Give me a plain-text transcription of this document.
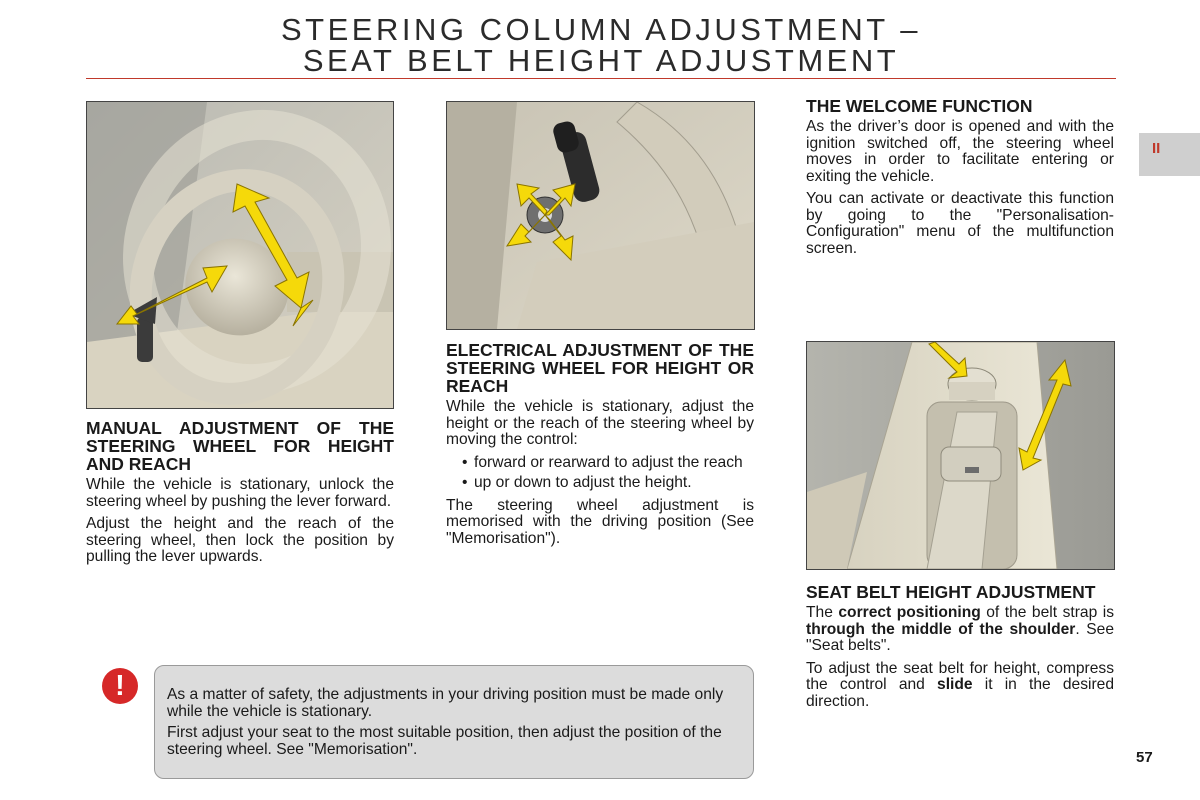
STEERING COLUMN ADJUSTMENT –
SEAT BELT HEIGHT ADJUSTMENT
II
MANUAL ADJUSTMENT OF THE STEERING WHEEL FOR HEIGHT AND REACH

While the vehicle is stationary, unlock the steering wheel by pushing the lever forward.

Adjust the height and the reach of the steering wheel, then lock the position by pulling the lever upwards.

ELECTRICAL ADJUSTMENT OF THE STEERING WHEEL FOR HEIGHT OR REACH

While the vehicle is stationary, adjust the height or the reach of the steering wheel by moving the control:

• forward or rearward to adjust the reach
• up or down to adjust the height.

The steering wheel adjustment is memorised with the driving position (See "Memorisation").

THE WELCOME FUNCTION

As the driver’s door is opened and with the ignition switched off, the steering wheel moves in order to facilitate entering or exiting the vehicle.

You can activate or deactivate this function by going to the "Personalisation-Configuration" menu of the multifunction screen.

SEAT BELT HEIGHT ADJUSTMENT

The correct positioning of the belt strap is through the middle of the shoulder. See "Seat belts".

To adjust the seat belt for height, compress the control and slide it in the desired direction.

!	As a matter of safety, the adjustments in your driving position must be made only while the vehicle is stationary.

First adjust your seat to the most suitable position, then adjust the position of the steering wheel. See "Memorisation".	57
